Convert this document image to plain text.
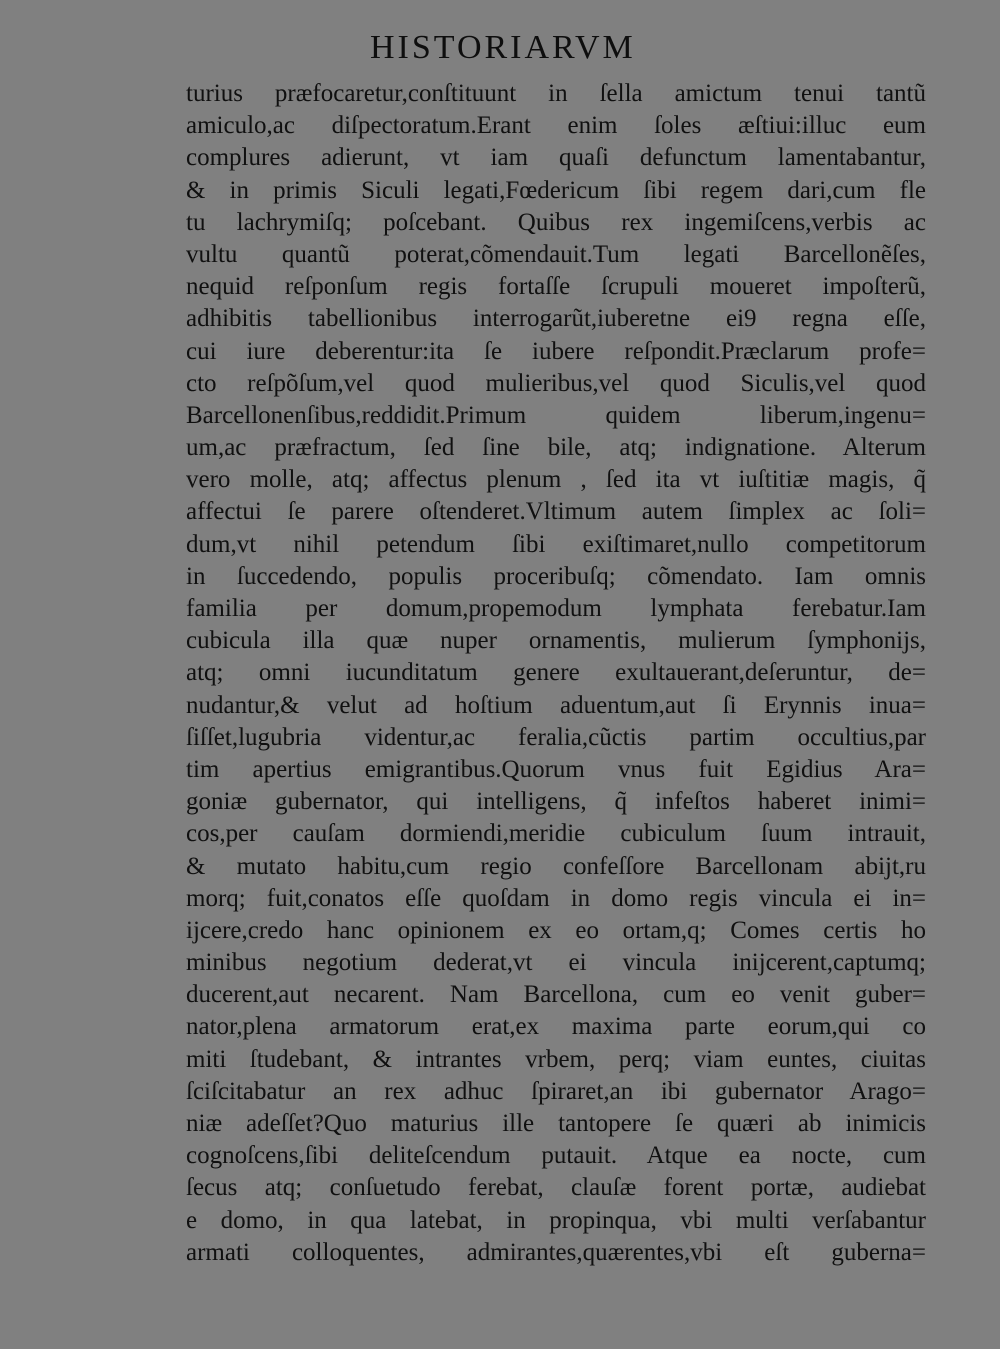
HISTORIARVM
turius præfocaretur,conſtituunt in ſella amictum tenui tantũ
amiculo,ac diſpectoratum.Erant enim ſoles æſtiui:illuc eum
complures adierunt, vt iam quaſi defunctum lamentabantur,
& in primis Siculi legati,Fœdericum ſibi regem dari,cum fle
tu lachrymiſq; poſcebant. Quibus rex ingemiſcens,verbis ac
vultu quantũ poterat,cõmendauit.Tum legati Barcellonẽſes,
nequid reſponſum regis fortaſſe ſcrupuli moueret impoſterũ,
adhibitis tabellionibus interrogarũt,iuberetne ei9 regna eſſe,
cui iure deberentur:ita ſe iubere reſpondit.Præclarum profe=
cto reſpõſum,vel quod mulieribus,vel quod Siculis,vel quod
Barcellonenſibus,reddidit.Primum quidem liberum,ingenu=
um,ac præfractum, ſed ſine bile, atq; indignatione. Alterum
vero molle, atq; affectus plenum , ſed ita vt iuſtitiæ magis, q̃
affectui ſe parere oſtenderet.Vltimum autem ſimplex ac ſoli=
dum,vt nihil petendum ſibi exiſtimaret,nullo competitorum
in ſuccedendo, populis proceribuſq; cõmendato. Iam omnis
familia per domum,propemodum lymphata ferebatur.Iam
cubicula illa quæ nuper ornamentis, mulierum ſymphonijs,
atq; omni iucunditatum genere exultauerant,deſeruntur, de=
nudantur,& velut ad hoſtium aduentum,aut ſi Erynnis inua=
ſiſſet,lugubria videntur,ac feralia,cũctis partim occultius,par
tim apertius emigrantibus.Quorum vnus fuit Egidius Ara=
goniæ gubernator, qui intelligens, q̃ infeſtos haberet inimi=
cos,per cauſam dormiendi,meridie cubiculum ſuum intrauit,
& mutato habitu,cum regio confeſſore Barcellonam abijt,ru
morq; fuit,conatos eſſe quoſdam in domo regis vincula ei in=
ijcere,credo hanc opinionem ex eo ortam,q; Comes certis ho
minibus negotium dederat,vt ei vincula inijcerent,captumq;
ducerent,aut necarent. Nam Barcellona, cum eo venit guber=
nator,plena armatorum erat,ex maxima parte eorum,qui co
miti ſtudebant, & intrantes vrbem, perq; viam euntes, ciuitas
ſciſcitabatur an rex adhuc ſpiraret,an ibi gubernator Arago=
niæ adeſſet?Quo maturius ille tantopere ſe quæri ab inimicis
cognoſcens,ſibi deliteſcendum putauit. Atque ea nocte, cum
ſecus atq; conſuetudo ferebat, clauſæ forent portæ, audiebat
e domo, in qua latebat, in propinqua, vbi multi verſabantur
armati colloquentes, admirantes,quærentes,vbi eſt guberna=
